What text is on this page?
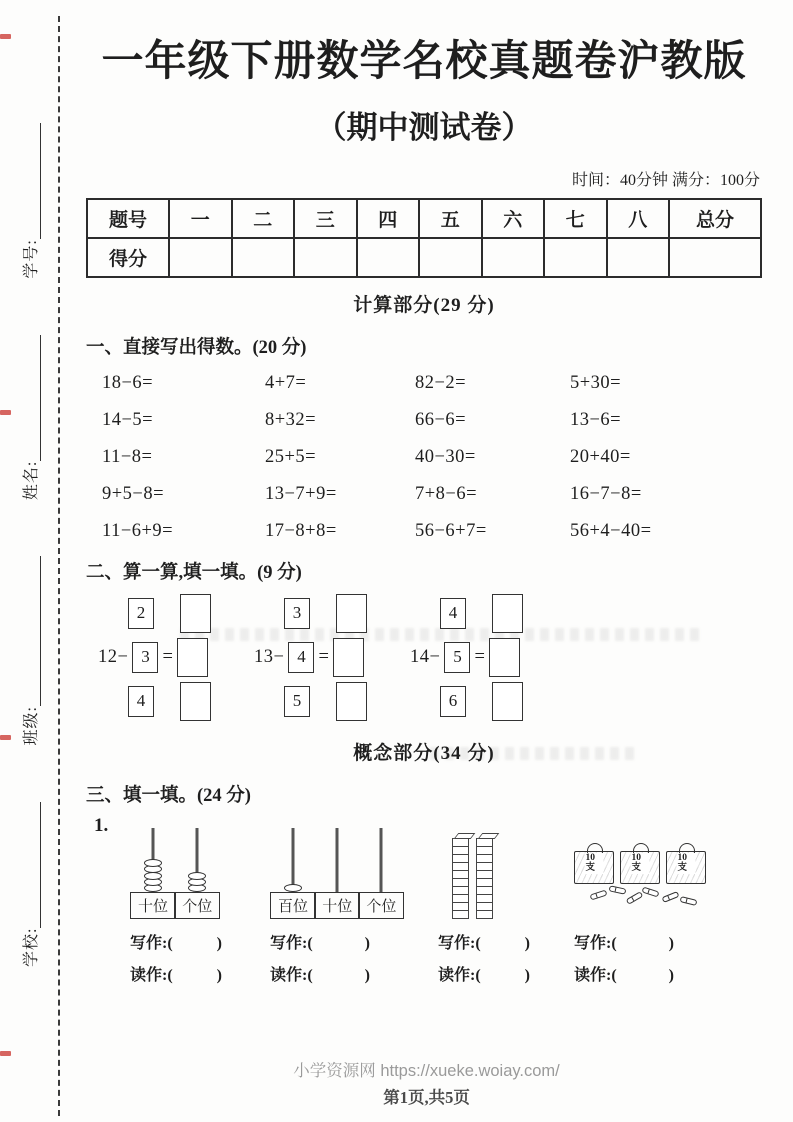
学校:
班级:
姓名:
学号:
一年级下册数学名校真题卷沪教版
（期中测试卷）
时间：40分钟 满分：100分
题号	一	二	三	四	五	六	七	八	总分
得分									
计算部分(29 分)
一、直接写出得数。(20 分)
18−6=	4+7=	82−2=	5+30=
14−5=	8+32=	66−6=	13−6=
11−8=	25+5=	40−30=	20+40=
9+5−8=	13−7+9=	7+8−6=	16−7−8=
11−6+9=	17−8+8=	56−6+7=	56+4−40=
二、算一算,填一填。(9 分)
2
12− 3 =
4
3
13− 4 =
5
4
14− 5 =
6
概念部分(34 分)
三、填一填。(24 分)
1.
十位 个位
写作:(	)
读作:(	)
百位 十位 个位
写作:(	)
读作:(	)
写作:(	)
读作:(	)
10支
10支
10支
写作:(	)
读作:(	)
小学资源网 https://xueke.woiay.com/
第1页,共5页
